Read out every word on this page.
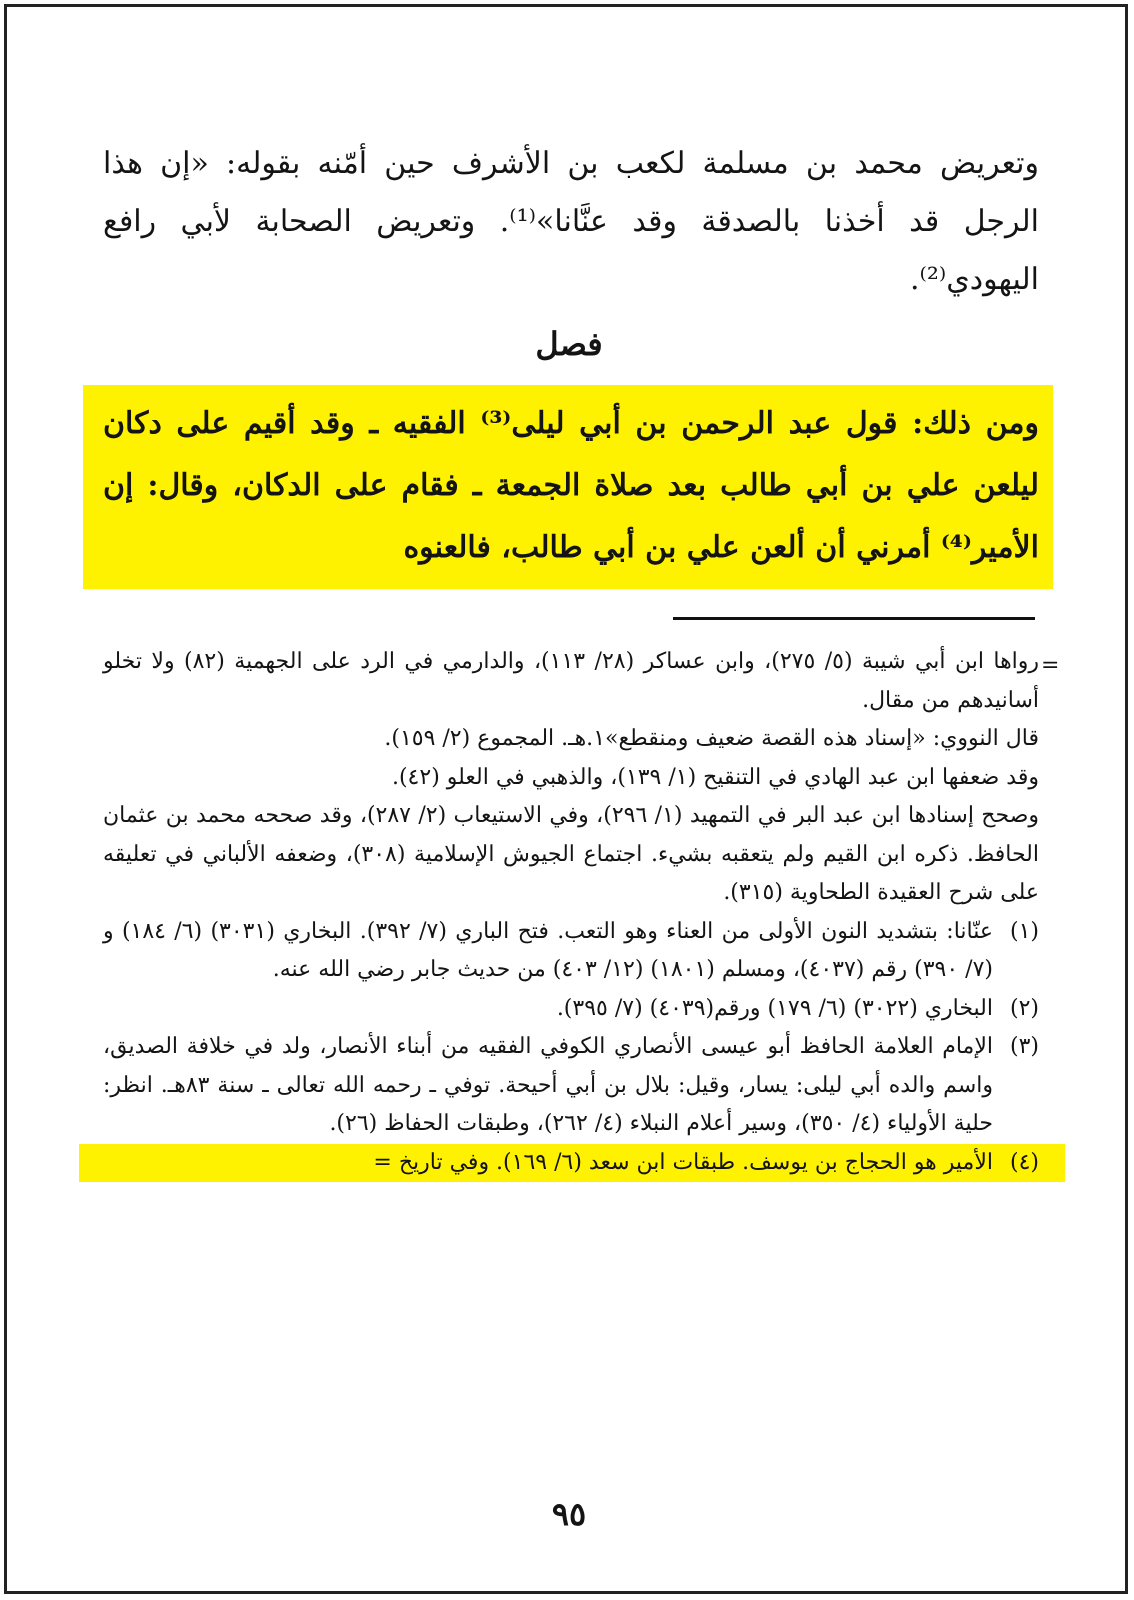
وتعريض محمد بن مسلمة لكعب بن الأشرف حين أمّنه بقوله: «إن هذا الرجل قد أخذنا بالصدقة وقد عنَّانا»⁽¹⁾. وتعريض الصحابة لأبي رافع اليهودي⁽²⁾.

فصل

ومن ذلك: قول عبد الرحمن بن أبي ليلى⁽³⁾ الفقيه ـ وقد أقيم على دكان ليلعن علي بن أبي طالب بعد صلاة الجمعة ـ فقام على الدكان، وقال: إن الأمير⁽⁴⁾ أمرني أن ألعن علي بن أبي طالب، فالعنوه

=

رواها ابن أبي شيبة (٥/ ٢٧٥)، وابن عساكر (٢٨/ ١١٣)، والدارمي في الرد على الجهمية (٨٢) ولا تخلو أسانيدهم من مقال.

قال النووي: «إسناد هذه القصة ضعيف ومنقطع»١.هـ. المجموع (٢/ ١٥٩).

وقد ضعفها ابن عبد الهادي في التنقيح (١/ ١٣٩)، والذهبي في العلو (٤٢).

وصحح إسنادها ابن عبد البر في التمهيد (١/ ٢٩٦)، وفي الاستيعاب (٢/ ٢٨٧)، وقد صححه محمد بن عثمان الحافظ. ذكره ابن القيم ولم يتعقبه بشيء. اجتماع الجيوش الإسلامية (٣٠٨)، وضعفه الألباني في تعليقه على شرح العقيدة الطحاوية (٣١٥).

(١)

عنّانا: بتشديد النون الأولى من العناء وهو التعب. فتح الباري (٧/ ٣٩٢). البخاري (٣٠٣١) (٦/ ١٨٤) و (٧/ ٣٩٠) رقم (٤٠٣٧)، ومسلم (١٨٠١) (١٢/ ٤٠٣) من حديث جابر رضي الله عنه.

(٢)

البخاري (٣٠٢٢) (٦/ ١٧٩) ورقم(٤٠٣٩) (٧/ ٣٩٥).

(٣)

الإمام العلامة الحافظ أبو عيسى الأنصاري الكوفي الفقيه من أبناء الأنصار، ولد في خلافة الصديق، واسم والده أبي ليلى: يسار، وقيل: بلال بن أبي أحيحة. توفي ـ رحمه الله تعالى ـ سنة ٨٣هـ. انظر: حلية الأولياء (٤/ ٣٥٠)، وسير أعلام النبلاء (٤/ ٢٦٢)، وطبقات الحفاظ (٢٦).

(٤)

الأمير هو الحجاج بن يوسف. طبقات ابن سعد (٦/ ١٦٩). وفي تاريخ =

٩٥
